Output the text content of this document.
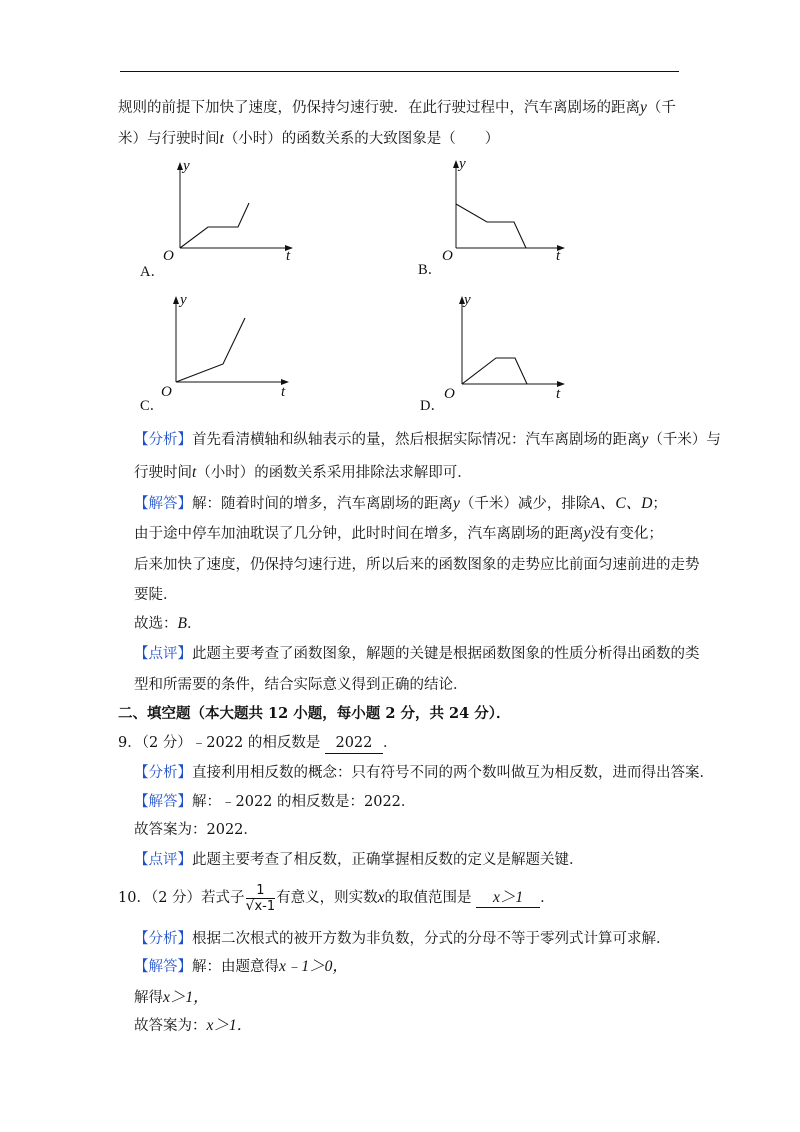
规则的前提下加快了速度，仍保持匀速行驶．在此行驶过程中，汽车离剧场的距离y（千
米）与行驶时间t（小时）的函数关系的大致图象是（　　）
y
O	t
A．
y
O	t
B．
y
O	t
C．
y
O	t
D．
【分析】首先看清横轴和纵轴表示的量，然后根据实际情况：汽车离剧场的距离y（千米）与
行驶时间t（小时）的函数关系采用排除法求解即可．
【解答】解：随着时间的增多，汽车离剧场的距离y（千米）减少，排除A、C、D；
由于途中停车加油耽误了几分钟，此时时间在增多，汽车离剧场的距离y没有变化；
后来加快了速度，仍保持匀速行进，所以后来的函数图象的走势应比前面匀速前进的走势
要陡．
故选：B．
【点评】此题主要考查了函数图象，解题的关键是根据函数图象的性质分析得出函数的类
型和所需要的条件，结合实际意义得到正确的结论．
二、填空题（本大题共 12 小题，每小题 2 分，共 24 分）．
9．（2 分）﹣2022 的相反数是 2022 ．
【分析】直接利用相反数的概念：只有符号不同的两个数叫做互为相反数，进而得出答案．
【解答】解：﹣2022 的相反数是：2022．
故答案为：2022．
【点评】此题主要考查了相反数，正确掌握相反数的定义是解题关键．
10．（2 分）若式子 $\frac{1}{√x-1}$ 有意义，则实数x的取值范围是 x＞1 ．
【分析】根据二次根式的被开方数为非负数，分式的分母不等于零列式计算可求解．
【解答】解：由题意得x﹣1＞0，
解得x＞1，
故答案为：x＞1．
